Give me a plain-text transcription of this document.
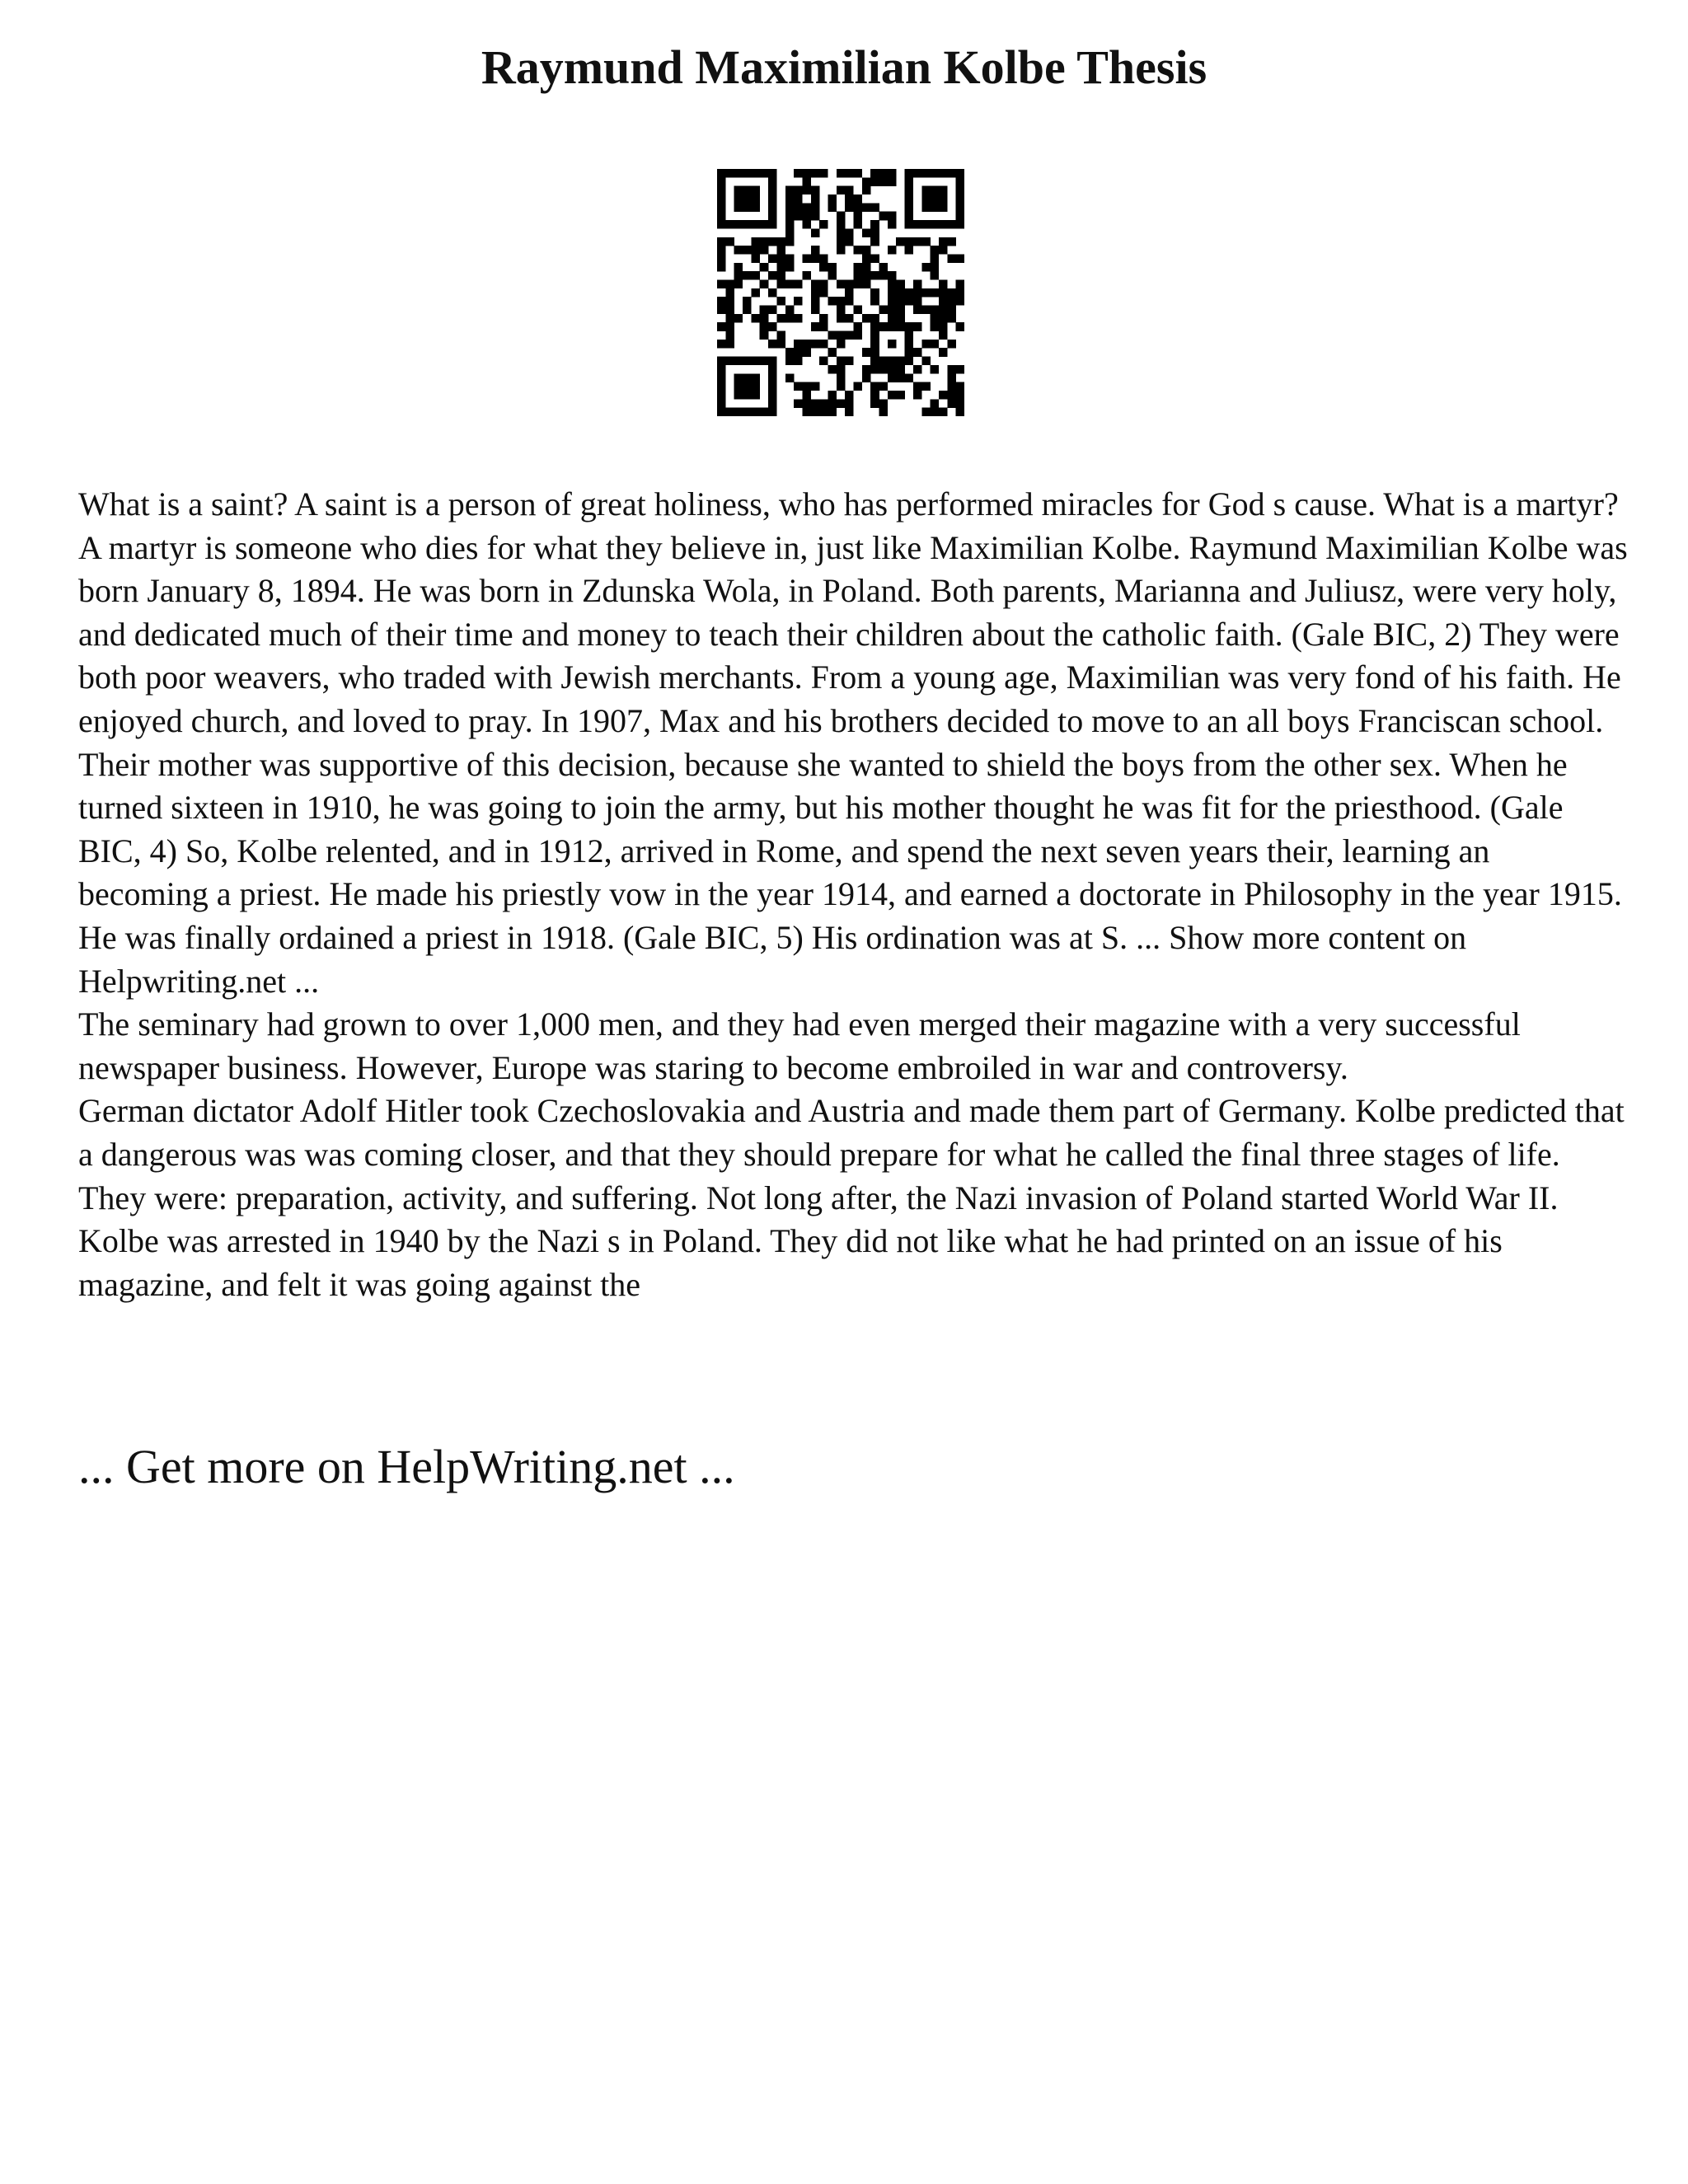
Raymund Maximilian Kolbe Thesis
What is a saint? A saint is a person of great holiness, who has performed miracles for God s cause. What is a martyr? A martyr is someone who dies for what they believe in, just like Maximilian Kolbe. Raymund Maximilian Kolbe was born January 8, 1894. He was born in Zdunska Wola, in Poland. Both parents, Marianna and Juliusz, were very holy, and dedicated much of their time and money to teach their children about the catholic faith. (Gale BIC, 2) They were both poor weavers, who traded with Jewish merchants. From a young age, Maximilian was very fond of his faith. He enjoyed church, and loved to pray. In 1907, Max and his brothers decided to move to an all boys Franciscan school. Their mother was supportive of this decision, because she wanted to shield the boys from the other sex. When he turned sixteen in 1910, he was going to join the army, but his mother thought he was fit for the priesthood. (Gale BIC, 4) So, Kolbe relented, and in 1912, arrived in Rome, and spend the next seven years their, learning an becoming a priest. He made his priestly vow in the year 1914, and earned a doctorate in Philosophy in the year 1915. He was finally ordained a priest in 1918. (Gale BIC, 5) His ordination was at S. ... Show more content on Helpwriting.net ...
The seminary had grown to over 1,000 men, and they had even merged their magazine with a very successful newspaper business. However, Europe was staring to become embroiled in war and controversy.
German dictator Adolf Hitler took Czechoslovakia and Austria and made them part of Germany. Kolbe predicted that a dangerous was was coming closer, and that they should prepare for what he called the final three stages of life. They were: preparation, activity, and suffering. Not long after, the Nazi invasion of Poland started World War II. Kolbe was arrested in 1940 by the Nazi s in Poland. They did not like what he had printed on an issue of his magazine, and felt it was going against the

... Get more on HelpWriting.net ...
